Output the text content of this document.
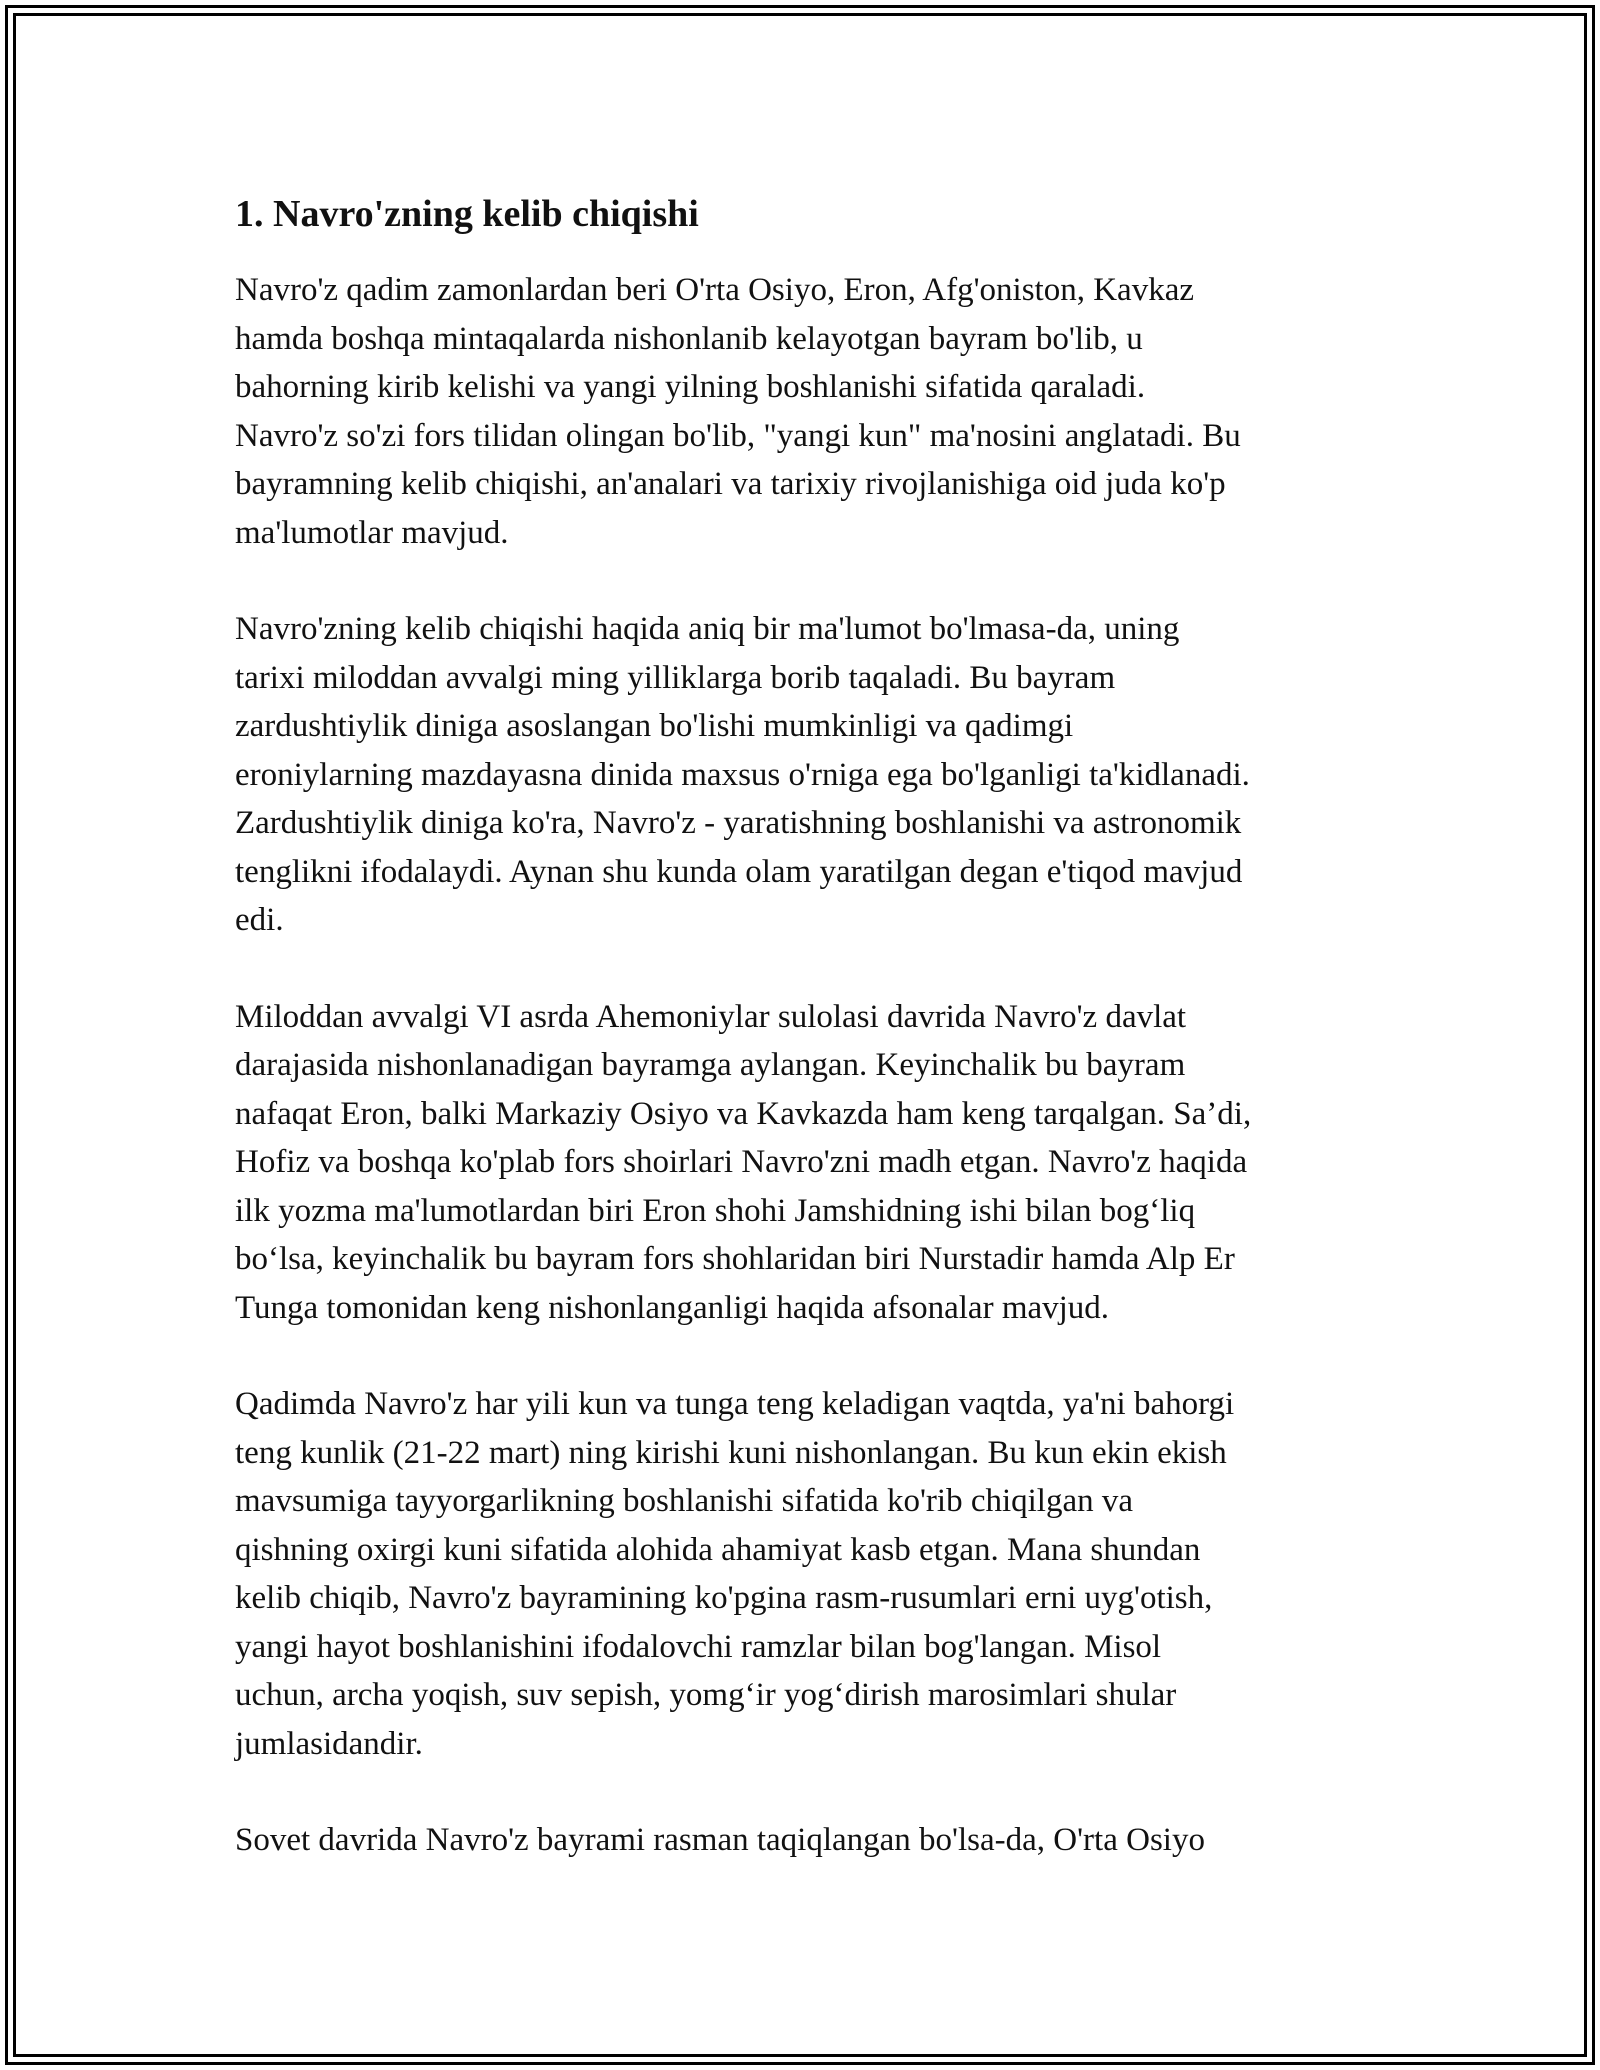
1. Navro'zning kelib chiqishi

Navro'z qadim zamonlardan beri O'rta Osiyo, Eron, Afg'oniston, Kavkaz
hamda boshqa mintaqalarda nishonlanib kelayotgan bayram bo'lib, u
bahorning kirib kelishi va yangi yilning boshlanishi sifatida qaraladi.
Navro'z so'zi fors tilidan olingan bo'lib, "yangi kun" ma'nosini anglatadi. Bu
bayramning kelib chiqishi, an'analari va tarixiy rivojlanishiga oid juda ko'p
ma'lumotlar mavjud.

Navro'zning kelib chiqishi haqida aniq bir ma'lumot bo'lmasa-da, uning
tarixi miloddan avvalgi ming yilliklarga borib taqaladi. Bu bayram
zardushtiylik diniga asoslangan bo'lishi mumkinligi va qadimgi
eroniylarning mazdayasna dinida maxsus o'rniga ega bo'lganligi ta'kidlanadi.
Zardushtiylik diniga ko'ra, Navro'z - yaratishning boshlanishi va astronomik
tenglikni ifodalaydi. Aynan shu kunda olam yaratilgan degan e'tiqod mavjud
edi.

Miloddan avvalgi VI asrda Ahemoniylar sulolasi davrida Navro'z davlat
darajasida nishonlanadigan bayramga aylangan. Keyinchalik bu bayram
nafaqat Eron, balki Markaziy Osiyo va Kavkazda ham keng tarqalgan. Sa’di,
Hofiz va boshqa ko'plab fors shoirlari Navro'zni madh etgan. Navro'z haqida
ilk yozma ma'lumotlardan biri Eron shohi Jamshidning ishi bilan bog‘liq
bo‘lsa, keyinchalik bu bayram fors shohlaridan biri Nurstadir hamda Alp Er
Tunga tomonidan keng nishonlanganligi haqida afsonalar mavjud.

Qadimda Navro'z har yili kun va tunga teng keladigan vaqtda, ya'ni bahorgi
teng kunlik (21-22 mart) ning kirishi kuni nishonlangan. Bu kun ekin ekish
mavsumiga tayyorgarlikning boshlanishi sifatida ko'rib chiqilgan va
qishning oxirgi kuni sifatida alohida ahamiyat kasb etgan. Mana shundan
kelib chiqib, Navro'z bayramining ko'pgina rasm-rusumlari erni uyg'otish,
yangi hayot boshlanishini ifodalovchi ramzlar bilan bog'langan. Misol
uchun, archa yoqish, suv sepish, yomg‘ir yog‘dirish marosimlari shular
jumlasidandir.

Sovet davrida Navro'z bayrami rasman taqiqlangan bo'lsa-da, O'rta Osiyo
